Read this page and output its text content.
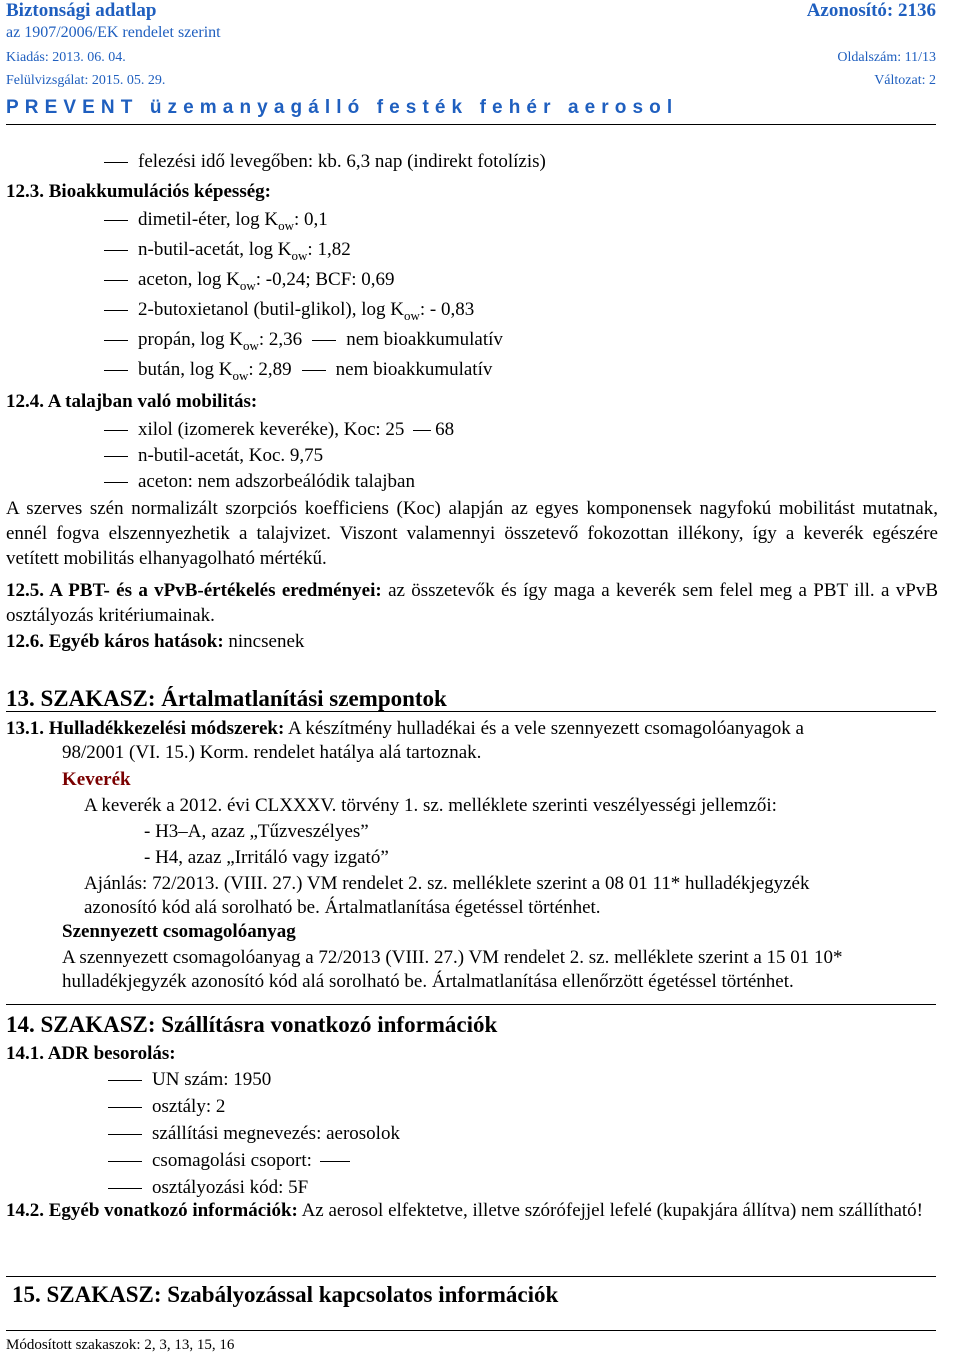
Biztonsági adatlap	Azonosító: 2136
az 1907/2006/EK rendelet szerint
Kiadás: 2013. 06. 04.	Oldalszám: 11/13
Felülvizsgálat: 2015. 05. 29.	Változat: 2
PREVENT üzemanyagálló festék fehér aerosol
felezési idő levegőben: kb. 6,3 nap (indirekt fotolízis)
12.3. Bioakkumulációs képesség:
dimetil-éter, $\log K_{ow}$: 0,1
n-butil-acetát, $\log K_{ow}$: 1,82
aceton, $\log K_{ow}$: -0,24; BCF: 0,69
2-butoxietanol (butil-glikol), $\log K_{ow}$: - 0,83
propán, $\log K_{ow}$: 2,36 nem bioakkumulatív
bután, $\log K_{ow}$: 2,89 nem bioakkumulatív
12.4. A talajban való mobilitás:
xilol (izomerek keveréke), Koc: 25 68
n-butil-acetát, Koc. 9,75
aceton: nem adszorbeálódik talajban
A szerves szén normalizált szorpciós koefficiens (Koc) alapján az egyes komponensek nagyfokú mobilitást mutatnak, ennél fogva elszennyezhetik a talajvizet. Viszont valamennyi összetevő fokozottan illékony, így a keverék egészére vetített mobilitás elhanyagolható mértékű.
12.5. A PBT- és a vPvB-értékelés eredményei: az összetevők és így maga a keverék sem felel meg a PBT ill. a vPvB osztályozás kritériumainak.
12.6. Egyéb káros hatások: nincsenek
13. SZAKASZ: Ártalmatlanítási szempontok
13.1. Hulladékkezelési módszerek: A készítmény hulladékai és a vele szennyezett csomagolóanyagok a
98/2001 (VI. 15.) Korm. rendelet hatálya alá tartoznak.
Keverék
A keverék a 2012. évi CLXXXV. törvény 1. sz. melléklete szerinti veszélyességi jellemzői:
- H3–A, azaz „Tűzveszélyes”
- H4, azaz „Irritáló vagy izgató”
Ajánlás: 72/2013. (VIII. 27.) VM rendelet 2. sz. melléklete szerint a 08 01 11* hulladékjegyzék
azonosító kód alá sorolható be. Ártalmatlanítása égetéssel történhet.
Szennyezett csomagolóanyag
A szennyezett csomagolóanyag a 72/2013 (VIII. 27.) VM rendelet 2. sz. melléklete szerint a 15 01 10*
hulladékjegyzék azonosító kód alá sorolható be. Ártalmatlanítása ellenőrzött égetéssel történhet.
14. SZAKASZ: Szállításra vonatkozó információk
14.1. ADR besorolás:
UN szám: 1950
osztály: 2
szállítási megnevezés: aerosolok
csomagolási csoport:
osztályozási kód: 5F
14.2. Egyéb vonatkozó információk: Az aerosol elfektetve, illetve szórófejjel lefelé (kupakjára állítva) nem szállítható!
15. SZAKASZ: Szabályozással kapcsolatos információk
Módosított szakaszok: 2, 3, 13, 15, 16
